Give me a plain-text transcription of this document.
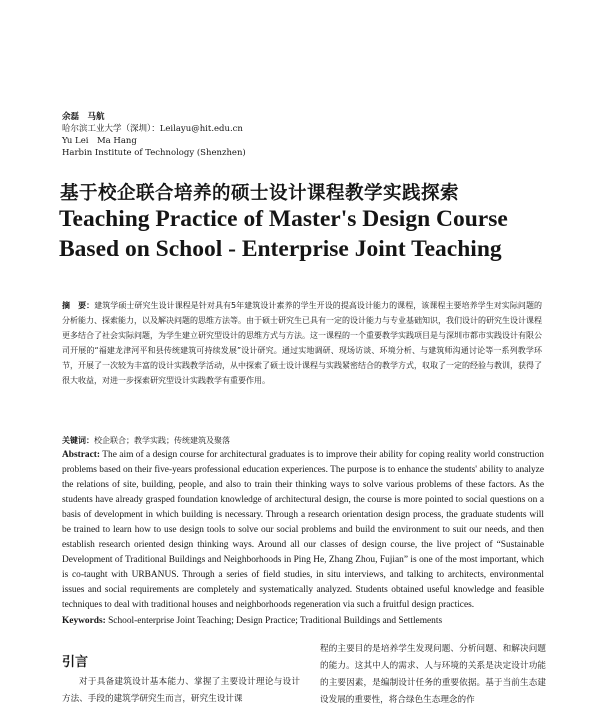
余磊　马航
哈尔滨工业大学（深圳）：Leilayu@hit.edu.cn
Yu Lei　Ma Hang
Harbin Institute of Technology (Shenzhen)
基于校企联合培养的硕士设计课程教学实践探索
Teaching Practice of Master's Design Course Based on School - Enterprise Joint Teaching
摘　要：建筑学硕士研究生设计课程是针对具有5年建筑设计素养的学生开设的提高设计能力的课程，该课程主要培养学生对实际问题的分析能力、探索能力，以及解决问题的思维方法等。由于硕士研究生已具有一定的设计能力与专业基础知识，我们设计的研究生设计课程更多结合了社会实际问题，为学生建立研究型设计的思维方式与方法。这一课程的一个重要教学实践项目是与深圳市都市实践设计有限公司开展的“福建龙津河平和县传统建筑可持续发展”设计研究。通过实地调研、现场访谈、环境分析、与建筑师沟通讨论等一系列教学环节，开展了一次较为丰富的设计实践教学活动，从中探索了硕士设计课程与实践紧密结合的教学方式，収取了一定的经验与教训，获得了很大收益，对进一步探索研究型设计实践教学有重要作用。
关键词：校企联合；教学实践；传统建筑及聚落
Abstract: The aim of a design course for architectural graduates is to improve their ability for coping reality world construction problems based on their five-years professional education experiences. The purpose is to enhance the students' ability to analyze the relations of site, building, people, and also to train their thinking ways to solve various problems of these factors. As the students have already grasped foundation knowledge of architectural design, the course is more pointed to social questions on a basis of development in which building is necessary. Through a research orientation design process, the graduate students will be trained to learn how to use design tools to solve our social problems and build the environment to suit our needs, and then establish research oriented design thinking ways. Around all our classes of design course, the live project of “Sustainable Development of Traditional Buildings and Neighborhoods in Ping He, Zhang Zhou, Fujian” is one of the most important, which is co-taught with URBANUS. Through a series of field studies, in situ interviews, and talking to architects, environmental issues and social requirements are completely and systematically analyzed. Students obtained useful knowledge and feasible techniques to deal with traditional houses and neighborhoods regeneration via such a fruitful design practices.
Keywords: School-enterprise Joint Teaching; Design Practice; Traditional Buildings and Settlements
引言

对于具备建筑设计基本能力、掌握了主要设计理论与设计方法、手段的建筑学研究生而言，研究生设计课

程的主要目的是培养学生发现问题、分析问题、和解决问题的能力。这其中人的需求、人与环境的关系是决定设计功能的主要因素，是编制设计任务的重要依据。基于当前生态建设发展的重要性，将合绿色生态理念的作
